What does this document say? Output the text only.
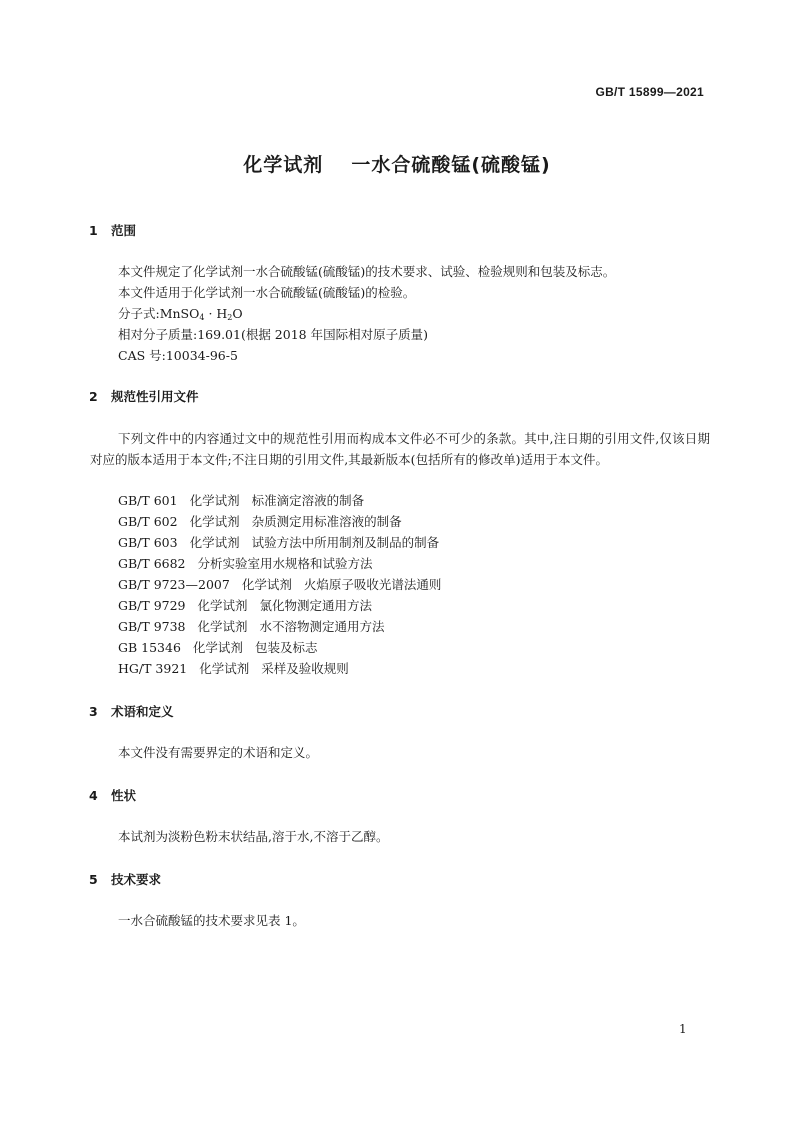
GB/T 15899—2021
化学试剂 一水合硫酸锰(硫酸锰)
1 范围
本文件规定了化学试剂一水合硫酸锰(硫酸锰)的技术要求、试验、检验规则和包装及标志。
本文件适用于化学试剂一水合硫酸锰(硫酸锰)的检验。
分子式:MnSO$_4$ · $H_2O$
相对分子质量:169.01(根据 2018 年国际相对原子质量)
CAS 号:10034-96-5
2 规范性引用文件
下列文件中的内容通过文中的规范性引用而构成本文件必不可少的条款。其中,注日期的引用文件,仅该日期对应的版本适用于本文件;不注日期的引用文件,其最新版本(包括所有的修改单)适用于本文件。
GB/T 601 化学试剂 标准滴定溶液的制备
GB/T 602 化学试剂 杂质测定用标准溶液的制备
GB/T 603 化学试剂 试验方法中所用制剂及制品的制备
GB/T 6682 分析实验室用水规格和试验方法
GB/T 9723—2007 化学试剂 火焰原子吸收光谱法通则
GB/T 9729 化学试剂 氯化物测定通用方法
GB/T 9738 化学试剂 水不溶物测定通用方法
GB 15346 化学试剂 包装及标志
HG/T 3921 化学试剂 采样及验收规则
3 术语和定义
本文件没有需要界定的术语和定义。
4 性状
本试剂为淡粉色粉末状结晶,溶于水,不溶于乙醇。
5 技术要求
一水合硫酸锰的技术要求见表 1。
1
